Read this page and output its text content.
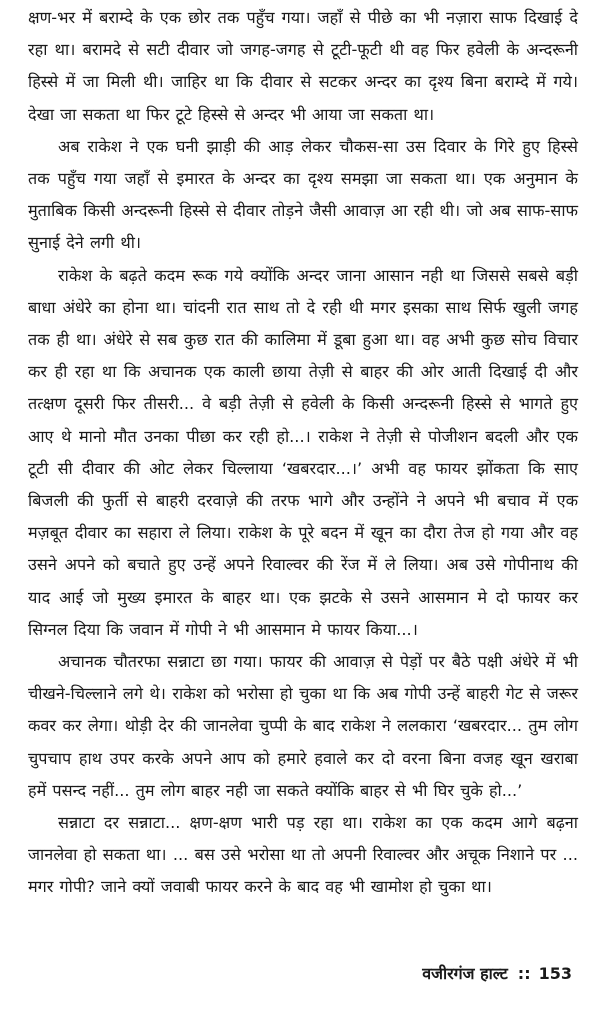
क्षण-भर में बराम्दे के एक छोर तक पहुँच गया। जहाँ से पीछे का भी नज़ारा साफ दिखाई दे रहा था। बरामदे से सटी दीवार जो जगह-जगह से टूटी-फूटी थी वह फिर हवेली के अन्दरूनी हिस्से में जा मिली थी। जाहिर था कि दीवार से सटकर अन्दर का दृश्य बिना बराम्दे में गये। देखा जा सकता था फिर टूटे हिस्से से अन्दर भी आया जा सकता था।

अब राकेश ने एक घनी झाड़ी की आड़ लेकर चौकस-सा उस दिवार के गिरे हुए हिस्से तक पहुँच गया जहाँ से इमारत के अन्दर का दृश्य समझा जा सकता था। एक अनुमान के मुताबिक किसी अन्दरूनी हिस्से से दीवार तोड़ने जैसी आवाज़ आ रही थी। जो अब साफ-साफ सुनाई देने लगी थी।

राकेश के बढ़ते कदम रूक गये क्योंकि अन्दर जाना आसान नही था जिससे सबसे बड़ी बाधा अंधेरे का होना था। चांदनी रात साथ तो दे रही थी मगर इसका साथ सिर्फ खुली जगह तक ही था। अंधेरे से सब कुछ रात की कालिमा में डूबा हुआ था। वह अभी कुछ सोच विचार कर ही रहा था कि अचानक एक काली छाया तेज़ी से बाहर की ओर आती दिखाई दी और तत्क्षण दूसरी फिर तीसरी... वे बड़ी तेज़ी से हवेली के किसी अन्दरूनी हिस्से से भागते हुए आए थे मानो मौत उनका पीछा कर रही हो...। राकेश ने तेज़ी से पोजीशन बदली और एक टूटी सी दीवार की ओट लेकर चिल्लाया ‘खबरदार...।’ अभी वह फायर झोंकता कि साए बिजली की फुर्ती से बाहरी दरवाज़े की तरफ भागे और उन्होंने ने अपने भी बचाव में एक मज़बूत दीवार का सहारा ले लिया। राकेश के पूरे बदन में खून का दौरा तेज हो गया और वह उसने अपने को बचाते हुए उन्हें अपने रिवाल्वर की रेंज में ले लिया। अब उसे गोपीनाथ की याद आई जो मुख्य इमारत के बाहर था। एक झटके से उसने आसमान मे दो फायर कर सिग्नल दिया कि जवान में गोपी ने भी आसमान मे फायर किया...।

अचानक चौतरफा सन्नाटा छा गया। फायर की आवाज़ से पेड़ों पर बैठे पक्षी अंधेरे में भी चीखने-चिल्लाने लगे थे। राकेश को भरोसा हो चुका था कि अब गोपी उन्हें बाहरी गेट से जरूर कवर कर लेगा। थोड़ी देर की जानलेवा चुप्पी के बाद राकेश ने ललकारा ‘खबरदार... तुम लोग चुपचाप हाथ उपर करके अपने आप को हमारे हवाले कर दो वरना बिना वजह खून खराबा हमें पसन्द नहीं... तुम लोग बाहर नही जा सकते क्योंकि बाहर से भी घिर चुके हो...’

सन्नाटा दर सन्नाटा... क्षण-क्षण भारी पड़ रहा था। राकेश का एक कदम आगे बढ़ना जानलेवा हो सकता था। ... बस उसे भरोसा था तो अपनी रिवाल्वर और अचूक निशाने पर ... मगर गोपी? जाने क्यों जवाबी फायर करने के बाद वह भी खामोश हो चुका था।

वजीरगंज हाल्ट :: 153
